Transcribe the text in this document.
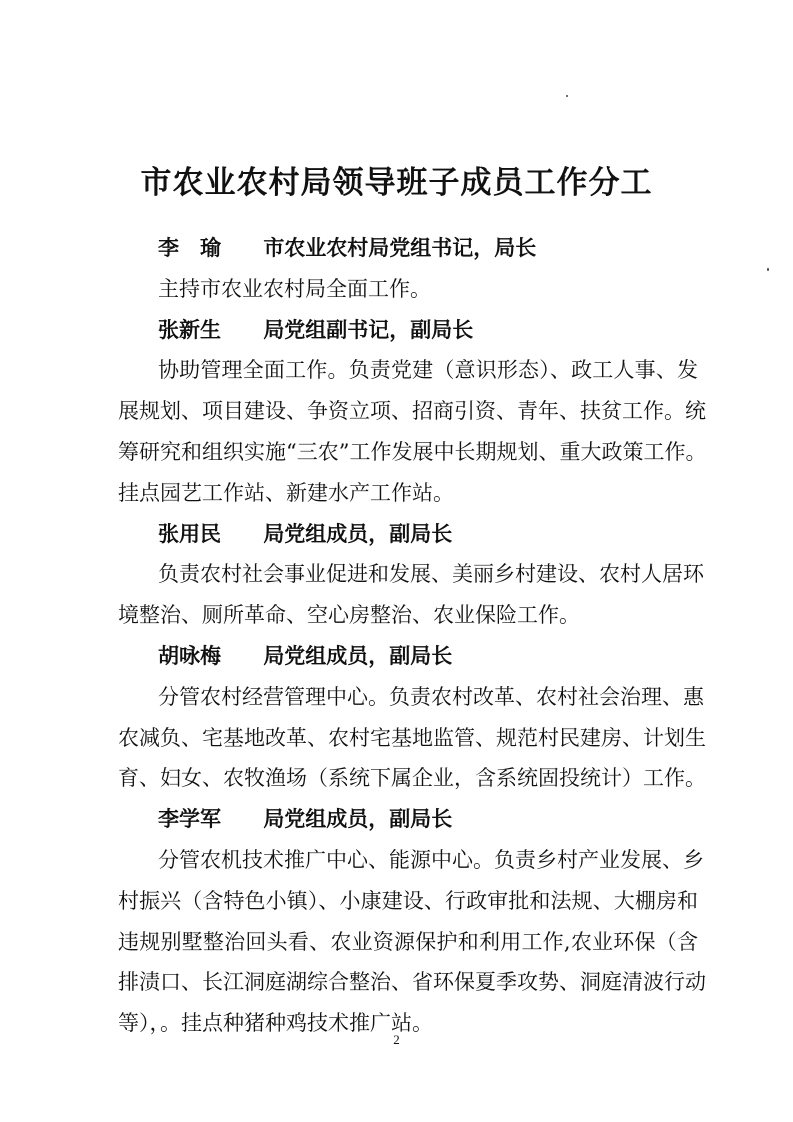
市农业农村局领导班子成员工作分工
李　瑜 市农业农村局党组书记，局长
主持市农业农村局全面工作。
张新生 局党组副书记，副局长
协助管理全面工作。负责党建（意识形态）、政工人事、发
展规划、项目建设、争资立项、招商引资、青年、扶贫工作。统
筹研究和组织实施“三农”工作发展中长期规划、重大政策工作。
挂点园艺工作站、新建水产工作站。
张用民 局党组成员，副局长
负责农村社会事业促进和发展、美丽乡村建设、农村人居环
境整治、厕所革命、空心房整治、农业保险工作。
胡咏梅 局党组成员，副局长
分管农村经营管理中心。负责农村改革、农村社会治理、惠
农减负、宅基地改革、农村宅基地监管、规范村民建房、计划生
育、妇女、农牧渔场（系统下属企业，含系统固投统计）工作。
李学军 局党组成员，副局长
分管农机技术推广中心、能源中心。负责乡村产业发展、乡
村振兴（含特色小镇）、小康建设、行政审批和法规、大棚房和
违规别墅整治回头看、农业资源保护和利用工作,农业环保（含
排渍口、长江洞庭湖综合整治、省环保夏季攻势、洞庭清波行动
等），。挂点种猪种鸡技术推广站。
2
